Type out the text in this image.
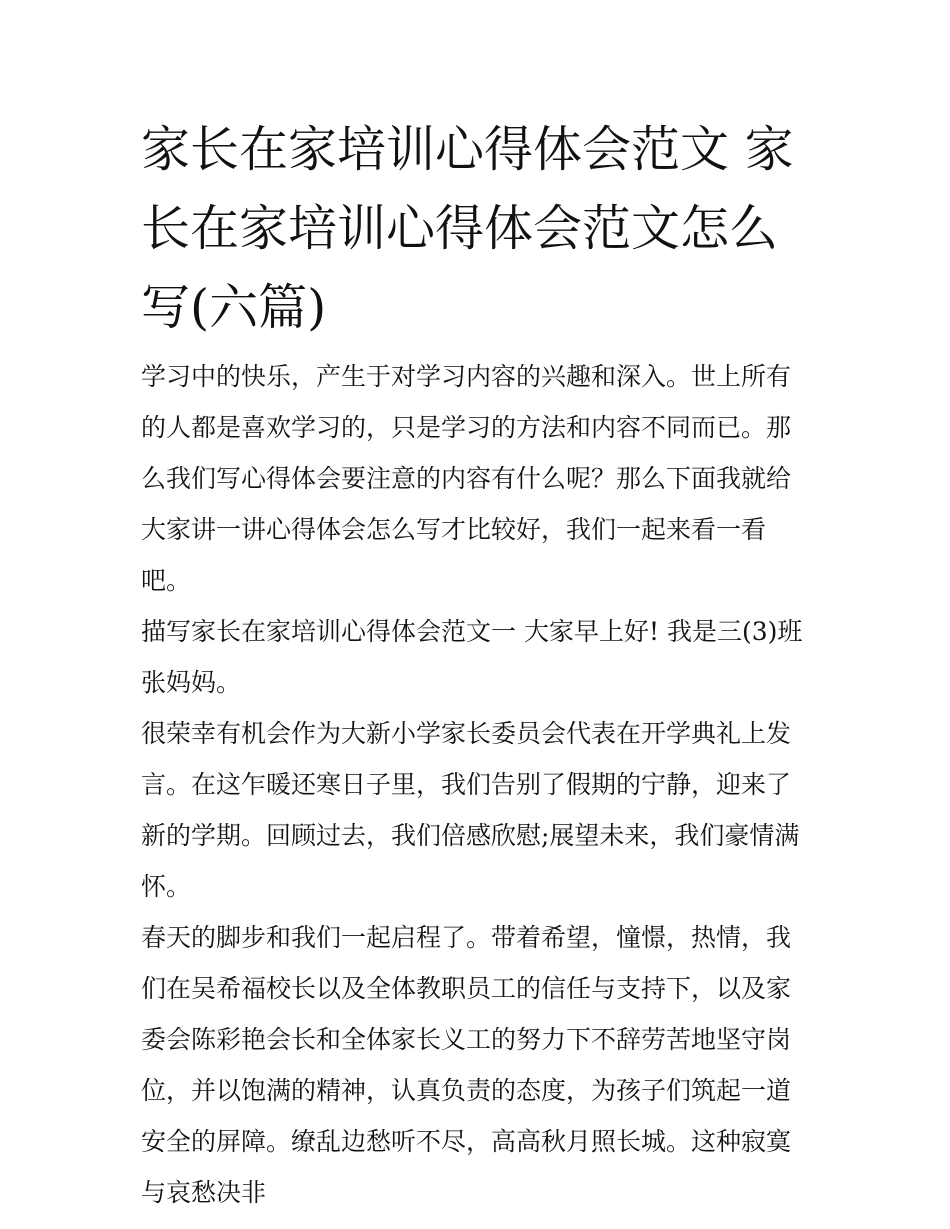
家长在家培训心得体会范文 家长在家培训心得体会范文怎么写(六篇)

学习中的快乐，产生于对学习内容的兴趣和深入。世上所有的人都是喜欢学习的，只是学习的方法和内容不同而已。那么我们写心得体会要注意的内容有什么呢？那么下面我就给大家讲一讲心得体会怎么写才比较好，我们一起来看一看吧。

描写家长在家培训心得体会范文一 大家早上好! 我是三(3)班张妈妈。

很荣幸有机会作为大新小学家长委员会代表在开学典礼上发言。在这乍暖还寒日子里，我们告别了假期的宁静，迎来了新的学期。回顾过去，我们倍感欣慰;展望未来，我们豪情满怀。

春天的脚步和我们一起启程了。带着希望，憧憬，热情，我们在吴希福校长以及全体教职员工的信任与支持下，以及家委会陈彩艳会长和全体家长义工的努力下不辞劳苦地坚守岗位，并以饱满的精神，认真负责的态度，为孩子们筑起一道安全的屏障。缭乱边愁听不尽，高高秋月照长城。这种寂寞与哀愁决非
